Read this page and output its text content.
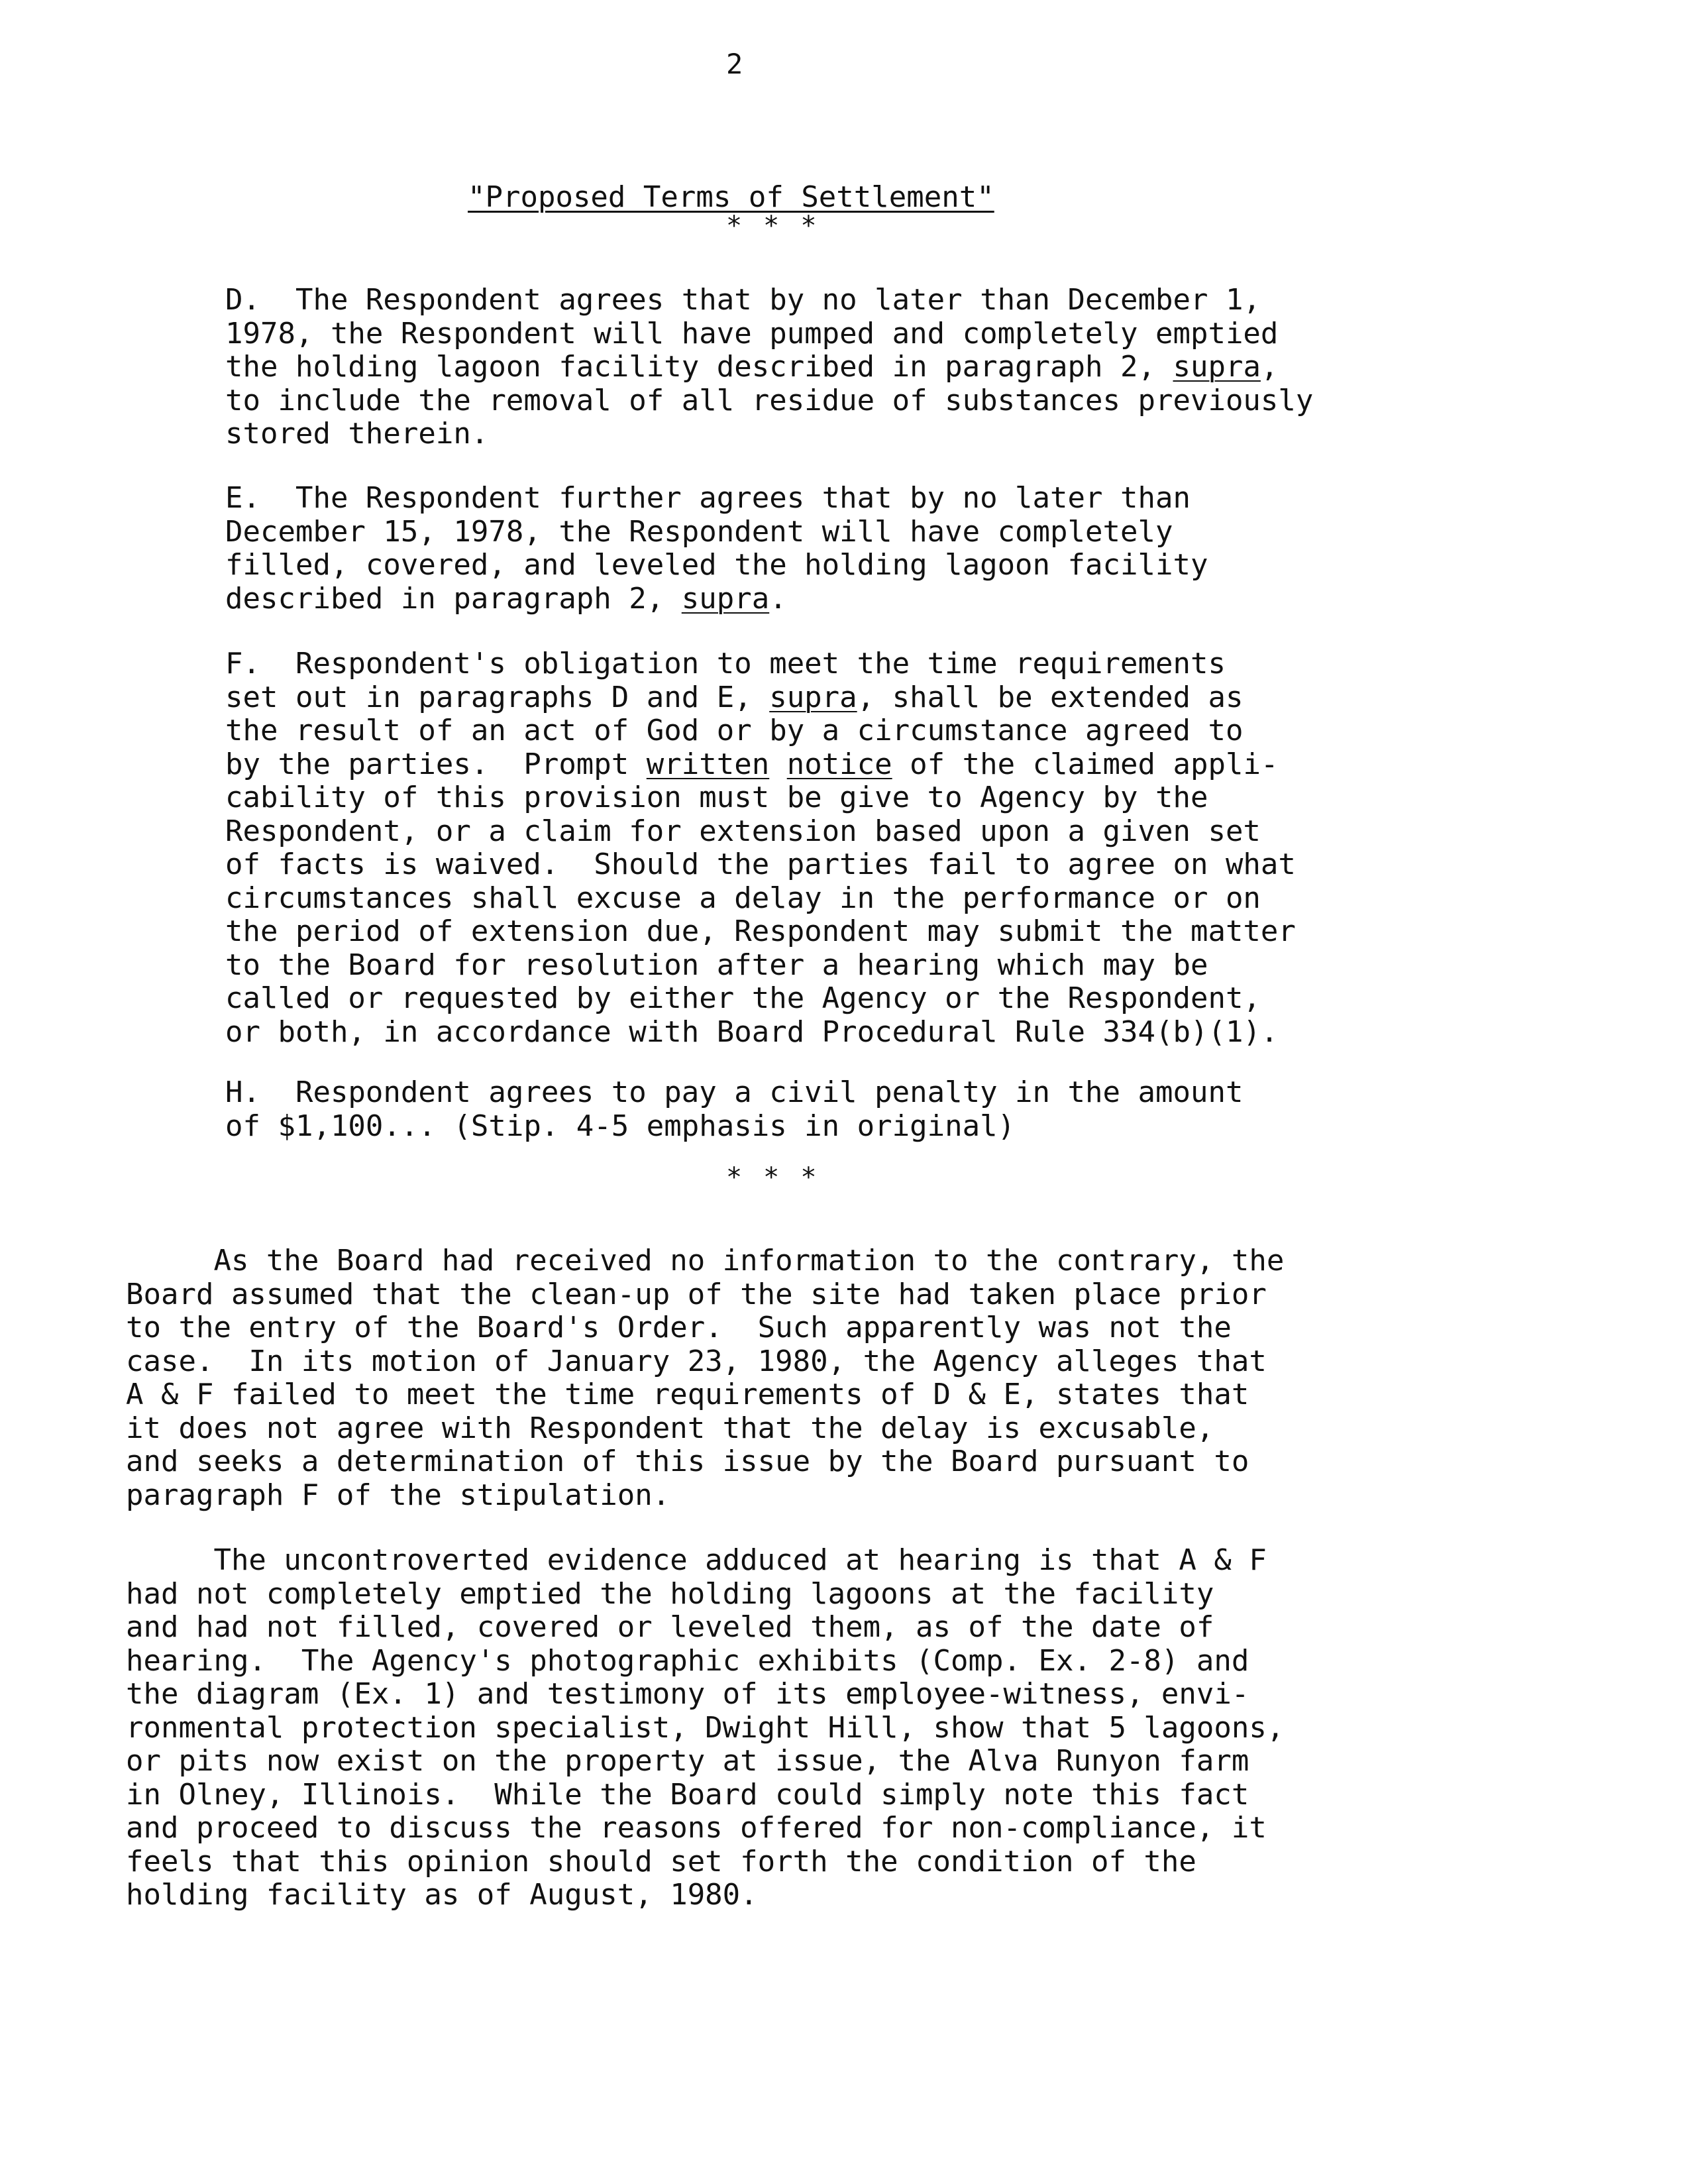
2
"Proposed Terms of Settlement"
* * *
D.  The Respondent agrees that by no later than December 1,
1978, the Respondent will have pumped and completely emptied
the holding lagoon facility described in paragraph 2, supra,
to include the removal of all residue of substances previously
stored therein.
E.  The Respondent further agrees that by no later than
December 15, 1978, the Respondent will have completely
filled, covered, and leveled the holding lagoon facility
described in paragraph 2, supra.
F.  Respondent's obligation to meet the time requirements
set out in paragraphs D and E, supra, shall be extended as
the result of an act of God or by a circumstance agreed to
by the parties.  Prompt written notice of the claimed appli-
cability of this provision must be give to Agency by the
Respondent, or a claim for extension based upon a given set
of facts is waived.  Should the parties fail to agree on what
circumstances shall excuse a delay in the performance or on
the period of extension due, Respondent may submit the matter
to the Board for resolution after a hearing which may be
called or requested by either the Agency or the Respondent,
or both, in accordance with Board Procedural Rule 334(b)(1).
H.  Respondent agrees to pay a civil penalty in the amount
of $1,100... (Stip. 4-5 emphasis in original)
* * *
As the Board had received no information to the contrary, the
Board assumed that the clean-up of the site had taken place prior
to the entry of the Board's Order.  Such apparently was not the
case.  In its motion of January 23, 1980, the Agency alleges that
A & F failed to meet the time requirements of D & E, states that
it does not agree with Respondent that the delay is excusable,
and seeks a determination of this issue by the Board pursuant to
paragraph F of the stipulation.
The uncontroverted evidence adduced at hearing is that A & F
had not completely emptied the holding lagoons at the facility
and had not filled, covered or leveled them, as of the date of
hearing.  The Agency's photographic exhibits (Comp. Ex. 2-8) and
the diagram (Ex. 1) and testimony of its employee-witness, envi-
ronmental protection specialist, Dwight Hill, show that 5 lagoons,
or pits now exist on the property at issue, the Alva Runyon farm
in Olney, Illinois.  While the Board could simply note this fact
and proceed to discuss the reasons offered for non-compliance, it
feels that this opinion should set forth the condition of the
holding facility as of August, 1980.
